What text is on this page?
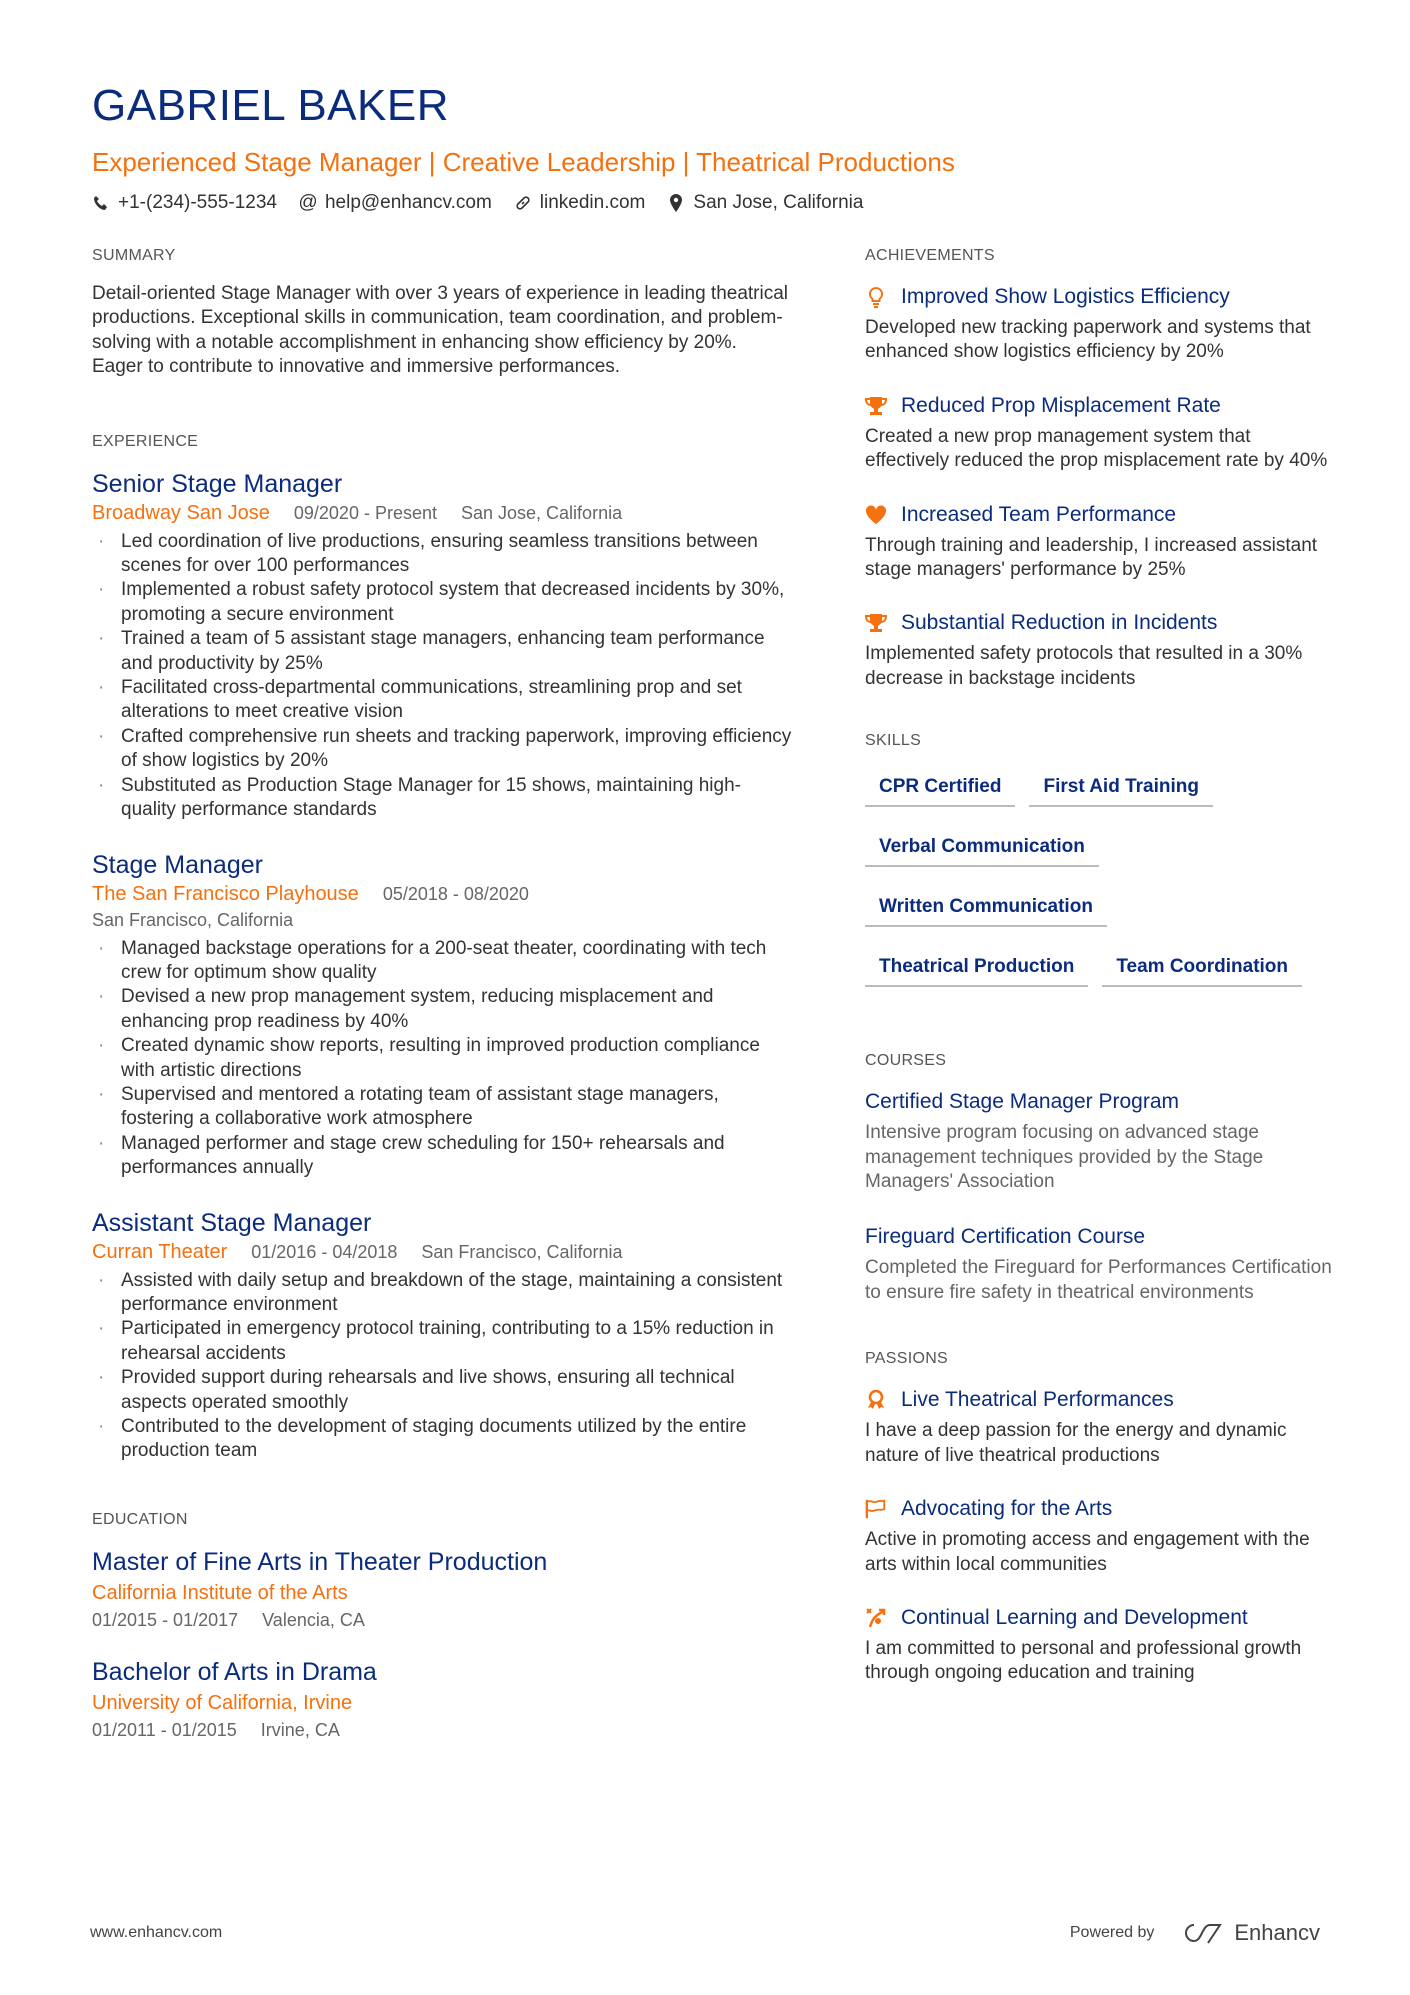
GABRIEL BAKER
Experienced Stage Manager | Creative Leadership | Theatrical Productions
+1-(234)-555-1234 @ help@enhancv.com	linkedin.com	San Jose, California
SUMMARY
Detail-oriented Stage Manager with over 3 years of experience in leading theatrical productions. Exceptional skills in communication, team coordination, and problem-solving with a notable accomplishment in enhancing show efficiency by 20%. Eager to contribute to innovative and immersive performances.
EXPERIENCE
Senior Stage Manager
Broadway San Jose 09/2020 - Present San Jose, California
· Led coordination of live productions, ensuring seamless transitions between scenes for over 100 performances
· Implemented a robust safety protocol system that decreased incidents by 30%, promoting a secure environment
· Trained a team of 5 assistant stage managers, enhancing team performance and productivity by 25%
· Facilitated cross-departmental communications, streamlining prop and set alterations to meet creative vision
· Crafted comprehensive run sheets and tracking paperwork, improving efficiency of show logistics by 20%
· Substituted as Production Stage Manager for 15 shows, maintaining high-quality performance standards
Stage Manager
The San Francisco Playhouse 05/2018 - 08/2020
San Francisco, California
· Managed backstage operations for a 200-seat theater, coordinating with tech crew for optimum show quality
· Devised a new prop management system, reducing misplacement and enhancing prop readiness by 40%
· Created dynamic show reports, resulting in improved production compliance with artistic directions
· Supervised and mentored a rotating team of assistant stage managers, fostering a collaborative work atmosphere
· Managed performer and stage crew scheduling for 150+ rehearsals and performances annually
Assistant Stage Manager
Curran Theater 01/2016 - 04/2018 San Francisco, California
· Assisted with daily setup and breakdown of the stage, maintaining a consistent performance environment
· Participated in emergency protocol training, contributing to a 15% reduction in rehearsal accidents
· Provided support during rehearsals and live shows, ensuring all technical aspects operated smoothly
· Contributed to the development of staging documents utilized by the entire production team
EDUCATION
Master of Fine Arts in Theater Production
California Institute of the Arts
01/2015 - 01/2017 Valencia, CA
Bachelor of Arts in Drama
University of California, Irvine
01/2011 - 01/2015 Irvine, CA
ACHIEVEMENTS
Improved Show Logistics Efficiency
Developed new tracking paperwork and systems that enhanced show logistics efficiency by 20%
Reduced Prop Misplacement Rate
Created a new prop management system that effectively reduced the prop misplacement rate by 40%
Increased Team Performance
Through training and leadership, I increased assistant stage managers' performance by 25%
Substantial Reduction in Incidents
Implemented safety protocols that resulted in a 30% decrease in backstage incidents
SKILLS
CPR Certified	First Aid Training
Verbal Communication
Written Communication
Theatrical Production	Team Coordination
COURSES
Certified Stage Manager Program
Intensive program focusing on advanced stage management techniques provided by the Stage Managers' Association
Fireguard Certification Course
Completed the Fireguard for Performances Certification to ensure fire safety in theatrical environments
PASSIONS
Live Theatrical Performances
I have a deep passion for the energy and dynamic nature of live theatrical productions
Advocating for the Arts
Active in promoting access and engagement with the arts within local communities
Continual Learning and Development
I am committed to personal and professional growth through ongoing education and training
www.enhancv.com	Powered by	Enhancv
